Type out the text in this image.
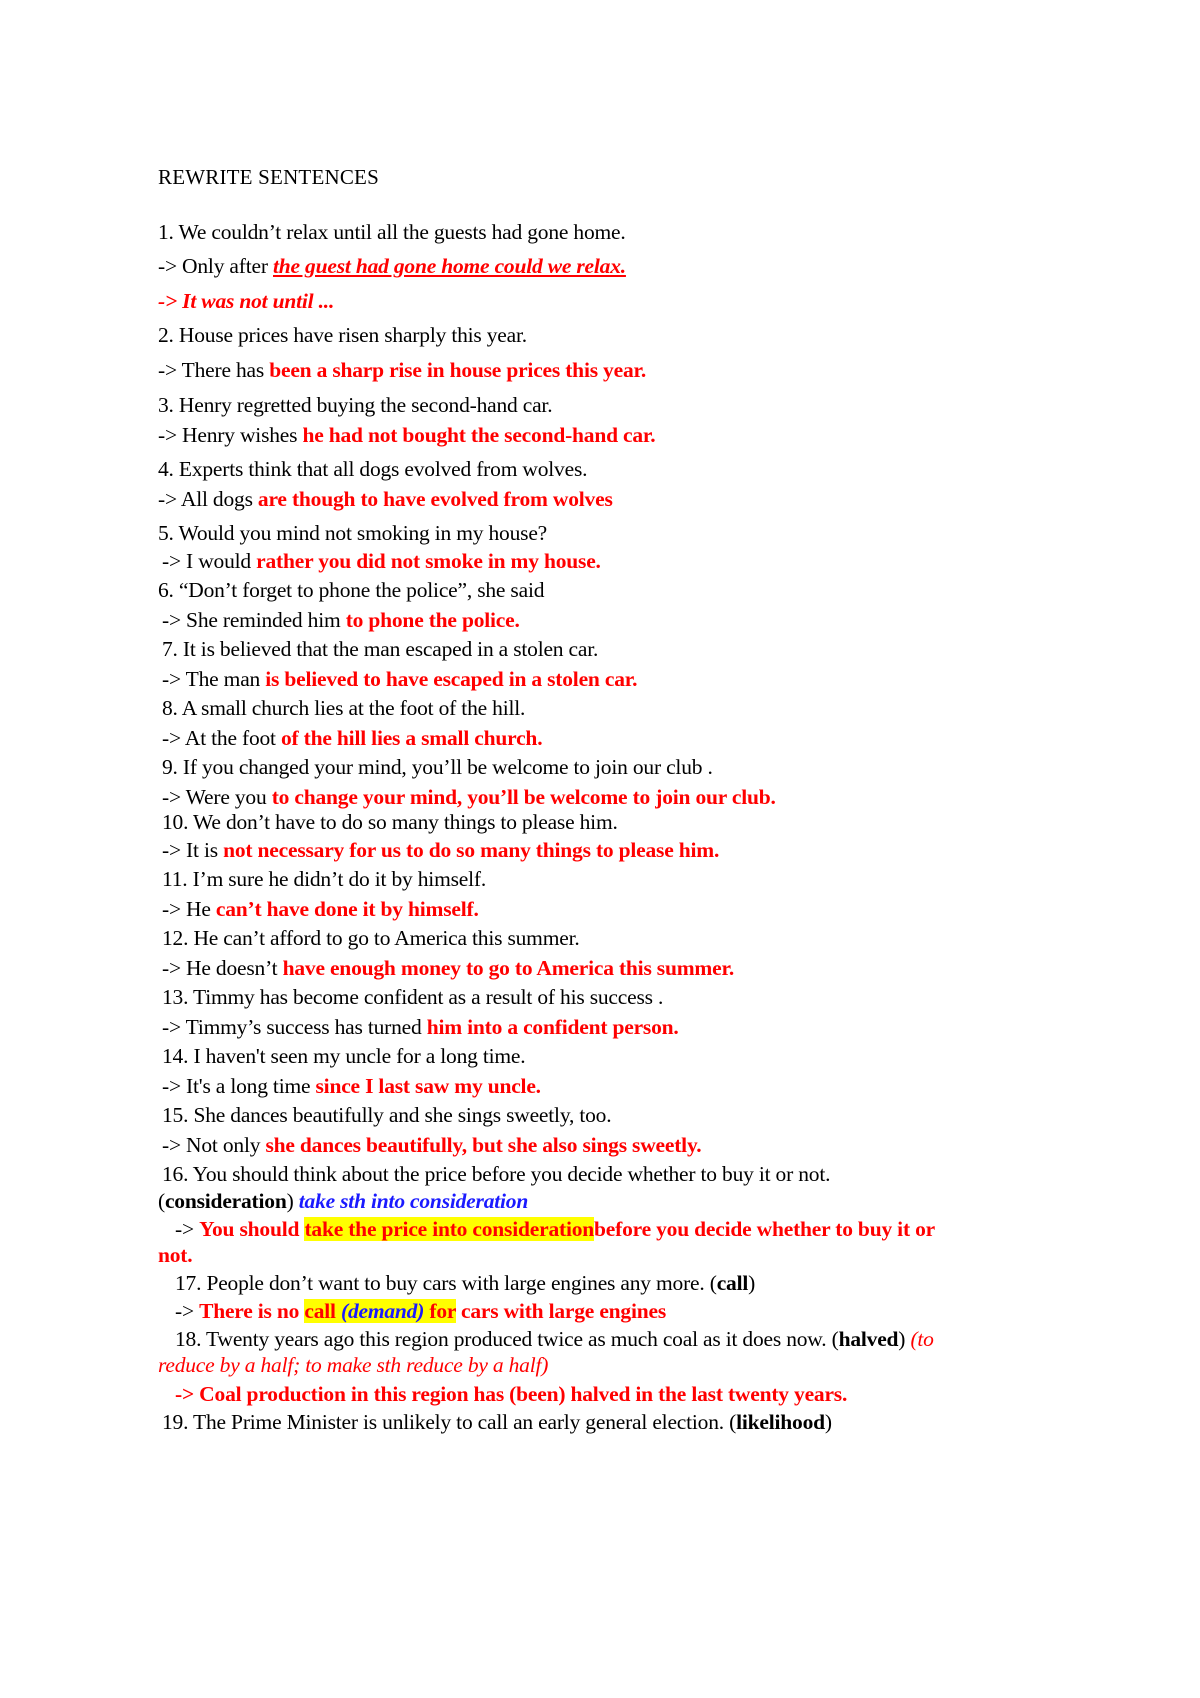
REWRITE SENTENCES
1. We couldn’t relax until all the guests had gone home.
-> Only after the guest had gone home could we relax.
-> It was not until ...
2. House prices have risen sharply this year.
-> There has been a sharp rise in house prices this year.
3. Henry regretted buying the second-hand car.
-> Henry wishes he had not bought the second-hand car.
4. Experts think that all dogs evolved from wolves.
-> All dogs are though to have evolved from wolves
5. Would you mind not smoking in my house?
-> I would rather you did not smoke in my house.
6. “Don’t forget to phone the police”, she said
-> She reminded him to phone the police.
7. It is believed that the man escaped in a stolen car.
-> The man is believed to have escaped in a stolen car.
8. A small church lies at the foot of the hill.
-> At the foot of the hill lies a small church.
9. If you changed your mind, you’ll be welcome to join our club .
-> Were you to change your mind, you’ll be welcome to join our club.
10. We don’t have to do so many things to please him.
-> It is not necessary for us to do so many things to please him.
11. I’m sure he didn’t do it by himself.
-> He can’t have done it by himself.
12. He can’t afford to go to America this summer.
-> He doesn’t have enough money to go to America this summer.
13. Timmy has become confident as a result of his success .
-> Timmy’s success has turned him into a confident person.
14. I haven't seen my uncle for a long time.
-> It's a long time since I last saw my uncle.
15. She dances beautifully and she sings sweetly, too.
-> Not only she dances beautifully, but she also sings sweetly.
16. You should think about the price before you decide whether to buy it or not.
(consideration) take sth into consideration
-> You should take the price into considerationbefore you decide whether to buy it or
not.
17. People don’t want to buy cars with large engines any more. (call)
-> There is no call (demand) for cars with large engines
18. Twenty years ago this region produced twice as much coal as it does now. (halved) (to
reduce by a half; to make sth reduce by a half)
-> Coal production in this region has (been) halved in the last twenty years.
19. The Prime Minister is unlikely to call an early general election. (likelihood)
